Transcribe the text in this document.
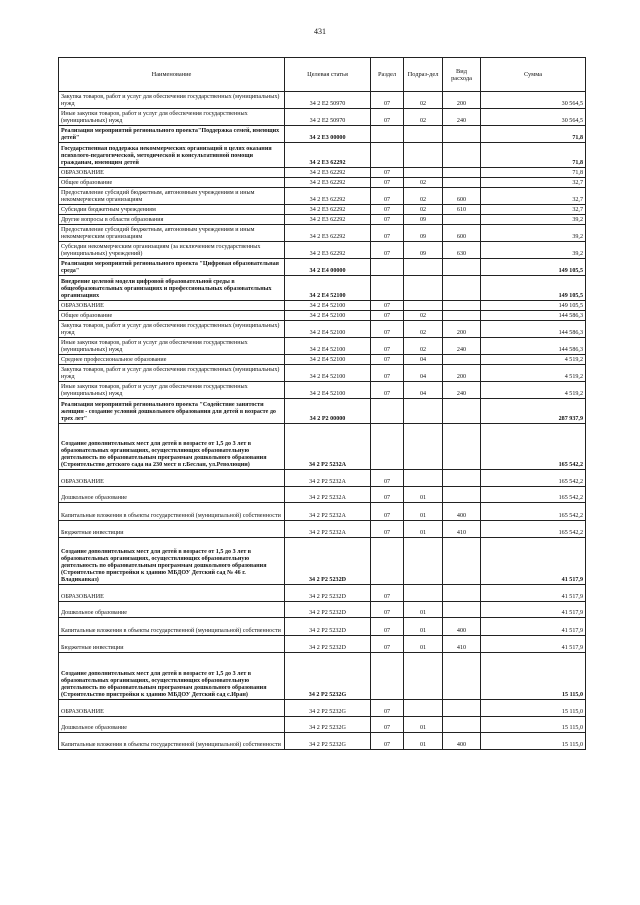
431
Наименование	Целевая статья	Раздел	Подраз-дел	Вид расхода	Сумма
Закупка товаров, работ и услуг для обеспечения государственных (муниципальных) нужд	34 2 E2 50970	07	02	200	30 564,5
Иные закупки товаров, работ и услуг для обеспечения государственных (муниципальных) нужд	34 2 E2 50970	07	02	240	30 564,5
Реализация мероприятий регионального проекта"Поддержка семей, имеющих детей"	34 2 E3 00000				71,8
Государственная поддержка некоммерческих организаций в целях оказания психолого-педагогической, методической и консультативной помощи гражданам, имеющим детей	34 2 E3 62292				71,8
ОБРАЗОВАНИЕ	34 2 E3 62292	07			71,8
Общее образование	34 2 E3 62292	07	02		32,7
Предоставление субсидий бюджетным, автономным учреждениям и иным некоммерческим организациям	34 2 E3 62292	07	02	600	32,7
Субсидии бюджетным учреждениям	34 2 E3 62292	07	02	610	32,7
Другие вопросы в области образования	34 2 E3 62292	07	09		39,2
Предоставление субсидий бюджетным, автономным учреждениям и иным некоммерческим организациям	34 2 E3 62292	07	09	600	39,2
Субсидии некоммерческим организациям (за исключением государственных (муниципальных) учреждений)	34 2 E3 62292	07	09	630	39,2
Реализация мероприятий регионального проекта "Цифровая образовательная среда"	34 2 E4 00000				149 105,5
Внедрение целевой модели цифровой образовательной среды в общеобразовательных организациях и профессиональных образовательных организациях	34 2 E4 52100				149 105,5
ОБРАЗОВАНИЕ	34 2 E4 52100	07			149 105,5
Общее образование	34 2 E4 52100	07	02		144 586,3
Закупка товаров, работ и услуг для обеспечения государственных (муниципальных) нужд	34 2 E4 52100	07	02	200	144 586,3
Иные закупки товаров, работ и услуг для обеспечения государственных (муниципальных) нужд	34 2 E4 52100	07	02	240	144 586,3
Среднее профессиональное образование	34 2 E4 52100	07	04		4 519,2
Закупка товаров, работ и услуг для обеспечения государственных (муниципальных) нужд	34 2 E4 52100	07	04	200	4 519,2
Иные закупки товаров, работ и услуг для обеспечения государственных (муниципальных) нужд	34 2 E4 52100	07	04	240	4 519,2
Реализация мероприятий регионального проекта "Содействие занятости женщин - создание условий дошкольного образования для детей в возрасте до трех лет"	34 2 P2 00000				287 937,9
Создание дополнительных мест для детей в возрасте от 1,5 до 3 лет в образовательных организациях, осуществляющих образовательную деятельность по образовательным программам дошкольного образования (Строительство детского сада на 230 мест в г.Беслан, ул.Революции)	34 2 P2 5232A				165 542,2
ОБРАЗОВАНИЕ	34 2 P2 5232A	07			165 542,2
Дошкольное образование	34 2 P2 5232A	07	01		165 542,2
Капитальные вложения в объекты государственной (муниципальной) собственности	34 2 P2 5232A	07	01	400	165 542,2
Бюджетные инвестиции	34 2 P2 5232A	07	01	410	165 542,2
Создание дополнительных мест для детей в возрасте от 1,5 до 3 лет в образовательных организациях, осуществляющих образовательную деятельность по образовательным программам дошкольного образования (Строительство пристройки к зданию МБДОУ Детский сад № 46 г. Владикавказ)	34 2 P2 5232D				41 517,9
ОБРАЗОВАНИЕ	34 2 P2 5232D	07			41 517,9
Дошкольное образование	34 2 P2 5232D	07	01		41 517,9
Капитальные вложения в объекты государственной (муниципальной) собственности	34 2 P2 5232D	07	01	400	41 517,9
Бюджетные инвестиции	34 2 P2 5232D	07	01	410	41 517,9
Создание дополнительных мест для детей в возрасте от 1,5 до 3 лет в образовательных организациях, осуществляющих образовательную деятельность по образовательным программам дошкольного образования (Строительство пристройки к зданию МБДОУ Детский сад с.Иран)	34 2 P2 5232G				15 115,0
ОБРАЗОВАНИЕ	34 2 P2 5232G	07			15 115,0
Дошкольное образование	34 2 P2 5232G	07	01		15 115,0
Капитальные вложения в объекты государственной (муниципальной) собственности	34 2 P2 5232G	07	01	400	15 115,0
